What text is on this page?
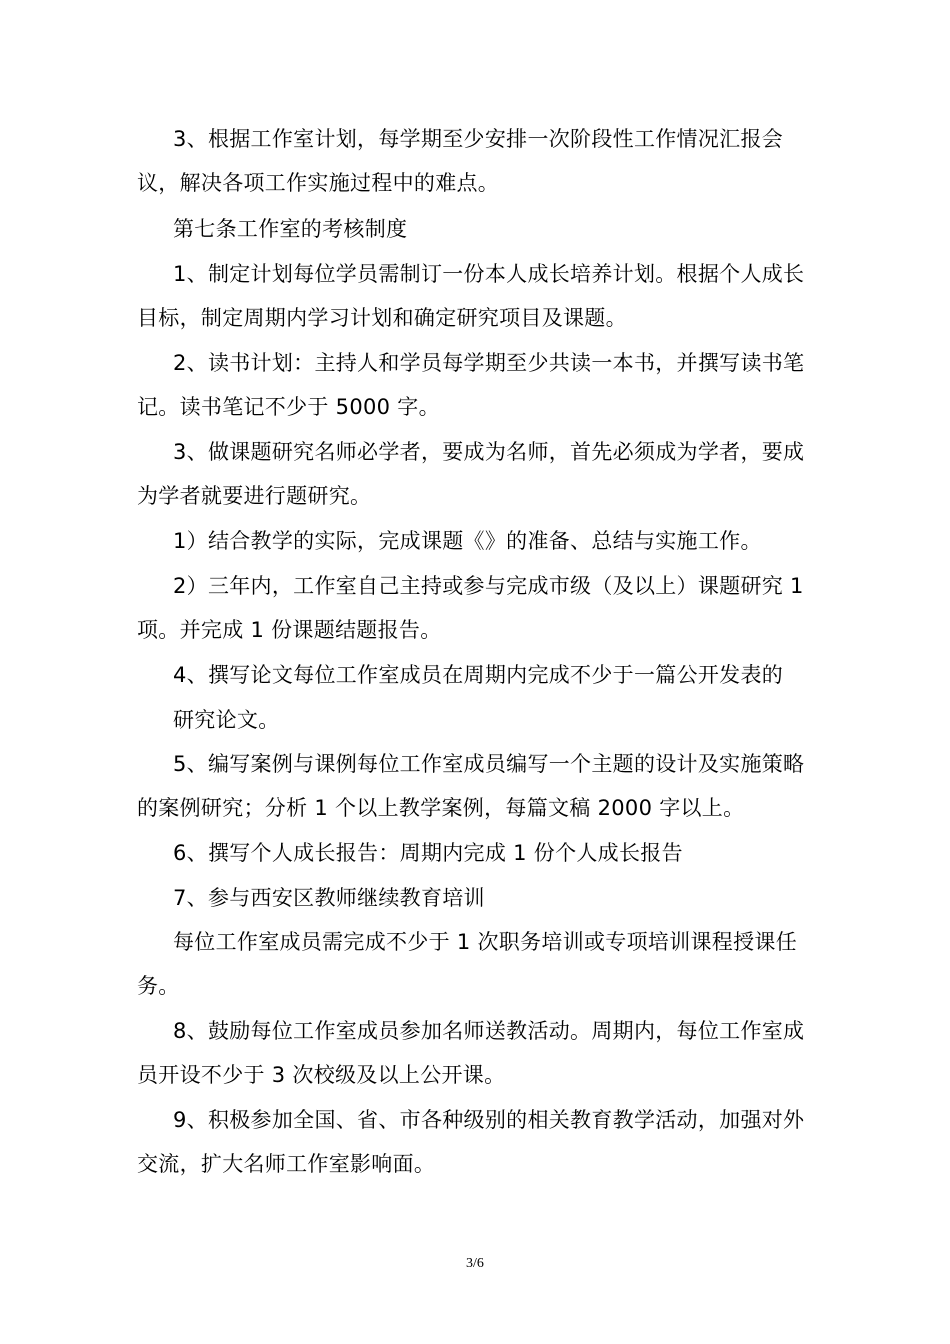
3、根据工作室计划，每学期至少安排一次阶段性工作情况汇报会议，解决各项工作实施过程中的难点。

第七条工作室的考核制度

1、制定计划每位学员需制订一份本人成长培养计划。根据个人成长目标，制定周期内学习计划和确定研究项目及课题。

2、读书计划：主持人和学员每学期至少共读一本书，并撰写读书笔记。读书笔记不少于 5000 字。

3、做课题研究名师必学者，要成为名师，首先必须成为学者，要成为学者就要进行题研究。

1）结合教学的实际，完成课题《》的准备、总结与实施工作。

2）三年内，工作室自己主持或参与完成市级（及以上）课题研究 1 项。并完成 1 份课题结题报告。

4、撰写论文每位工作室成员在周期内完成不少于一篇公开发表的

研究论文。

5、编写案例与课例每位工作室成员编写一个主题的设计及实施策略的案例研究；分析 1 个以上教学案例，每篇文稿 2000 字以上。

6、撰写个人成长报告：周期内完成 1 份个人成长报告

7、参与西安区教师继续教育培训

每位工作室成员需完成不少于 1 次职务培训或专项培训课程授课任务。

8、鼓励每位工作室成员参加名师送教活动。周期内，每位工作室成员开设不少于 3 次校级及以上公开课。

9、积极参加全国、省、市各种级别的相关教育教学活动，加强对外交流，扩大名师工作室影响面。

3/6
